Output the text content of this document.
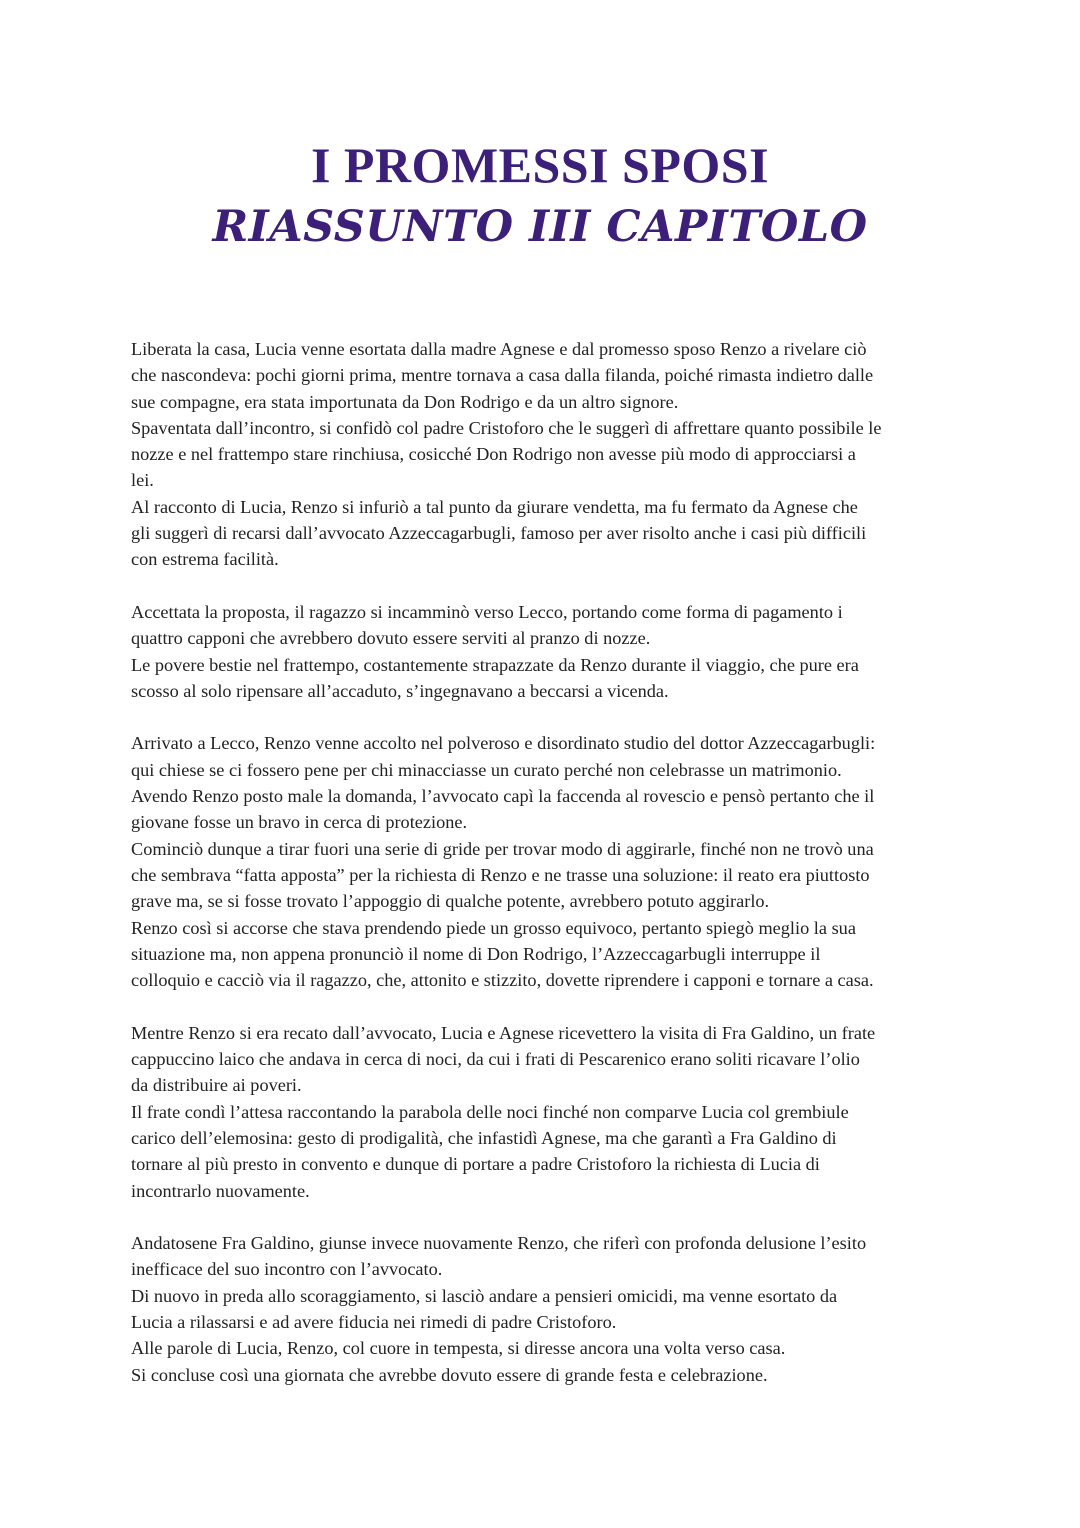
I PROMESSI SPOSI
RIASSUNTO III CAPITOLO

Liberata la casa, Lucia venne esortata dalla madre Agnese e dal promesso sposo Renzo a rivelare ciò
che nascondeva: pochi giorni prima, mentre tornava a casa dalla filanda, poiché rimasta indietro dalle
sue compagne, era stata importunata da Don Rodrigo e da un altro signore.
Spaventata dall’incontro, si confidò col padre Cristoforo che le suggerì di affrettare quanto possibile le
nozze e nel frattempo stare rinchiusa, cosicché Don Rodrigo non avesse più modo di approcciarsi a
lei.
Al racconto di Lucia, Renzo si infuriò a tal punto da giurare vendetta, ma fu fermato da Agnese che
gli suggerì di recarsi dall’avvocato Azzeccagarbugli, famoso per aver risolto anche i casi più difficili
con estrema facilità.

Accettata la proposta, il ragazzo si incamminò verso Lecco, portando come forma di pagamento i
quattro capponi che avrebbero dovuto essere serviti al pranzo di nozze.
Le povere bestie nel frattempo, costantemente strapazzate da Renzo durante il viaggio, che pure era
scosso al solo ripensare all’accaduto, s’ingegnavano a beccarsi a vicenda.

Arrivato a Lecco, Renzo venne accolto nel polveroso e disordinato studio del dottor Azzeccagarbugli:
qui chiese se ci fossero pene per chi minacciasse un curato perché non celebrasse un matrimonio.
Avendo Renzo posto male la domanda, l’avvocato capì la faccenda al rovescio e pensò pertanto che il
giovane fosse un bravo in cerca di protezione.
Cominciò dunque a tirar fuori una serie di gride per trovar modo di aggirarle, finché non ne trovò una
che sembrava “fatta apposta” per la richiesta di Renzo e ne trasse una soluzione: il reato era piuttosto
grave ma, se si fosse trovato l’appoggio di qualche potente, avrebbero potuto aggirarlo.
Renzo così si accorse che stava prendendo piede un grosso equivoco, pertanto spiegò meglio la sua
situazione ma, non appena pronunciò il nome di Don Rodrigo, l’Azzeccagarbugli interruppe il
colloquio e cacciò via il ragazzo, che, attonito e stizzito, dovette riprendere i capponi e tornare a casa.

Mentre Renzo si era recato dall’avvocato, Lucia e Agnese ricevettero la visita di Fra Galdino, un frate
cappuccino laico che andava in cerca di noci, da cui i frati di Pescarenico erano soliti ricavare l’olio
da distribuire ai poveri.
Il frate condì l’attesa raccontando la parabola delle noci finché non comparve Lucia col grembiule
carico dell’elemosina: gesto di prodigalità, che infastidì Agnese, ma che garantì a Fra Galdino di
tornare al più presto in convento e dunque di portare a padre Cristoforo la richiesta di Lucia di
incontrarlo nuovamente.

Andatosene Fra Galdino, giunse invece nuovamente Renzo, che riferì con profonda delusione l’esito
inefficace del suo incontro con l’avvocato.
Di nuovo in preda allo scoraggiamento, si lasciò andare a pensieri omicidi, ma venne esortato da
Lucia a rilassarsi e ad avere fiducia nei rimedi di padre Cristoforo.
Alle parole di Lucia, Renzo, col cuore in tempesta, si diresse ancora una volta verso casa.
Si concluse così una giornata che avrebbe dovuto essere di grande festa e celebrazione.
